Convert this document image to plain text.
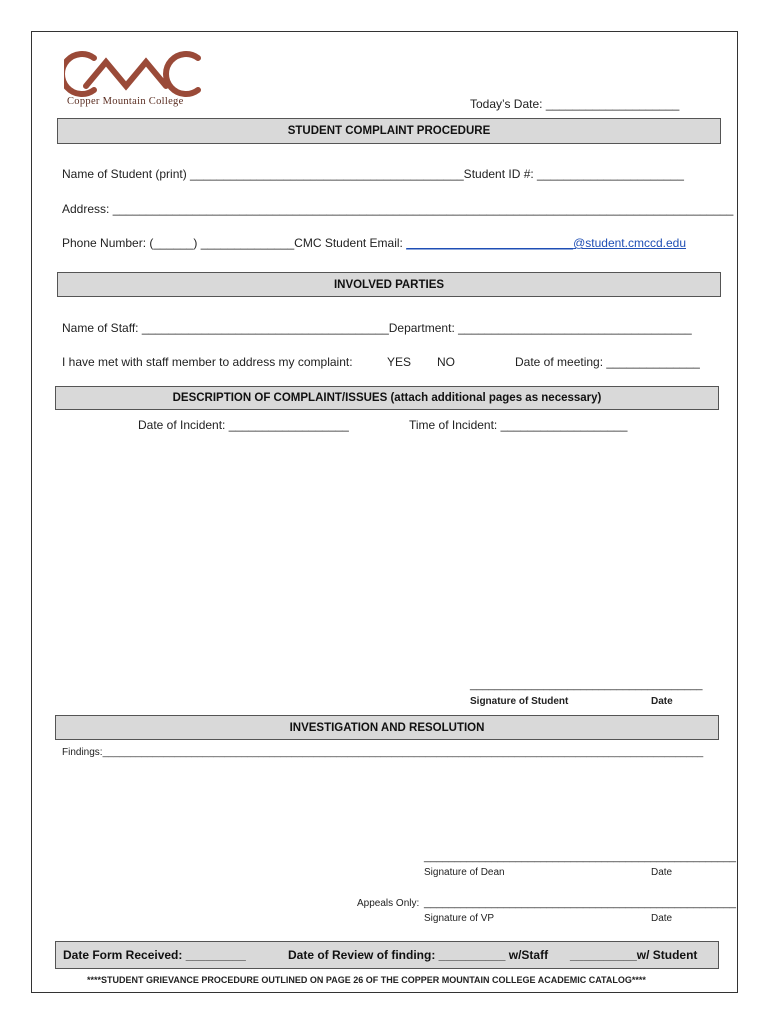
Copper Mountain College	Today’s Date: ____________________
STUDENT COMPLAINT PROCEDURE
Name of Student (print) _________________________________________Student ID #: ______________________
Address: _____________________________________________________________________________________________
Phone Number: (______) ______________CMC Student Email: _________________________@student.cmccd.edu
INVOLVED PARTIES
Name of Staff: _____________________________________Department: ___________________________________
I have met with staff member to address my complaint:	YES NO	Date of meeting: ______________
DESCRIPTION OF COMPLAINT/ISSUES (attach additional pages as necessary)
Date of Incident: __________________	Time of Incident: ___________________
______________________________________
Signature of Student	Date
INVESTIGATION AND RESOLUTION
Findings:____________________________________________________________________________________________________________
___________________________________________________
Signature of Dean	Date
Appeals Only: ___________________________________________________
Signature of VP	Date
Date Form Received: _________	Date of Review of finding: __________ w/Staff __________w/ Student
****STUDENT GRIEVANCE PROCEDURE OUTLINED ON PAGE 26 OF THE COPPER MOUNTAIN COLLEGE ACADEMIC CATALOG****
